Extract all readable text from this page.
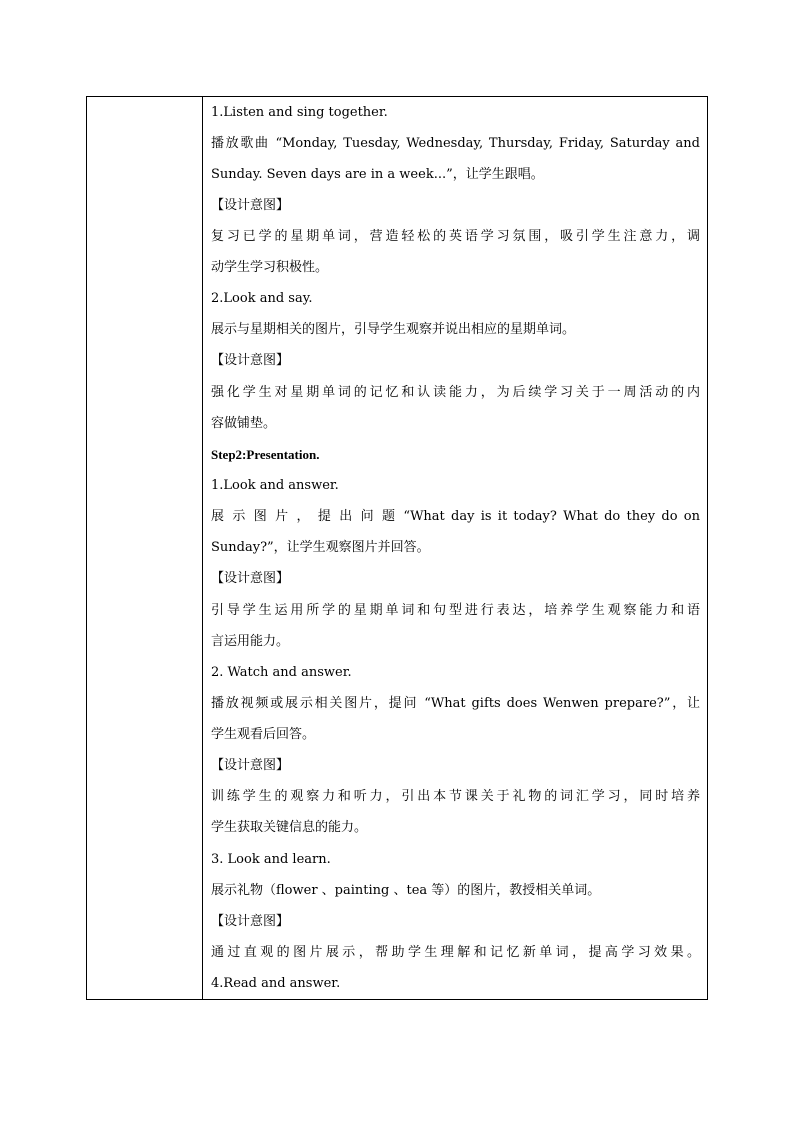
1.Listen and sing together.
播放歌曲 “Monday, Tuesday, Wednesday, Thursday, Friday, Saturday and
Sunday. Seven days are in a week...”，让学生跟唱。
【设计意图】
复习已学的星期单词，营造轻松的英语学习氛围，吸引学生注意力，调
动学生学习积极性。
2.Look and say.
展示与星期相关的图片，引导学生观察并说出相应的星期单词。
【设计意图】
强化学生对星期单词的记忆和认读能力，为后续学习关于一周活动的内
容做铺垫。
Step2:Presentation.
1.Look and answer.
展 示 图 片 ， 提 出 问 题 “What day is it today? What do they do on
Sunday?”，让学生观察图片并回答。
【设计意图】
引导学生运用所学的星期单词和句型进行表达，培养学生观察能力和语
言运用能力。
2. Watch and answer.
播放视频或展示相关图片，提问 “What gifts does Wenwen prepare?”，让
学生观看后回答。
【设计意图】
训练学生的观察力和听力，引出本节课关于礼物的词汇学习，同时培养
学生获取关键信息的能力。
3. Look and learn.
展示礼物（flower 、painting 、tea 等）的图片，教授相关单词。
【设计意图】
通过直观的图片展示，帮助学生理解和记忆新单词，提高学习效果。
4.Read and answer.
